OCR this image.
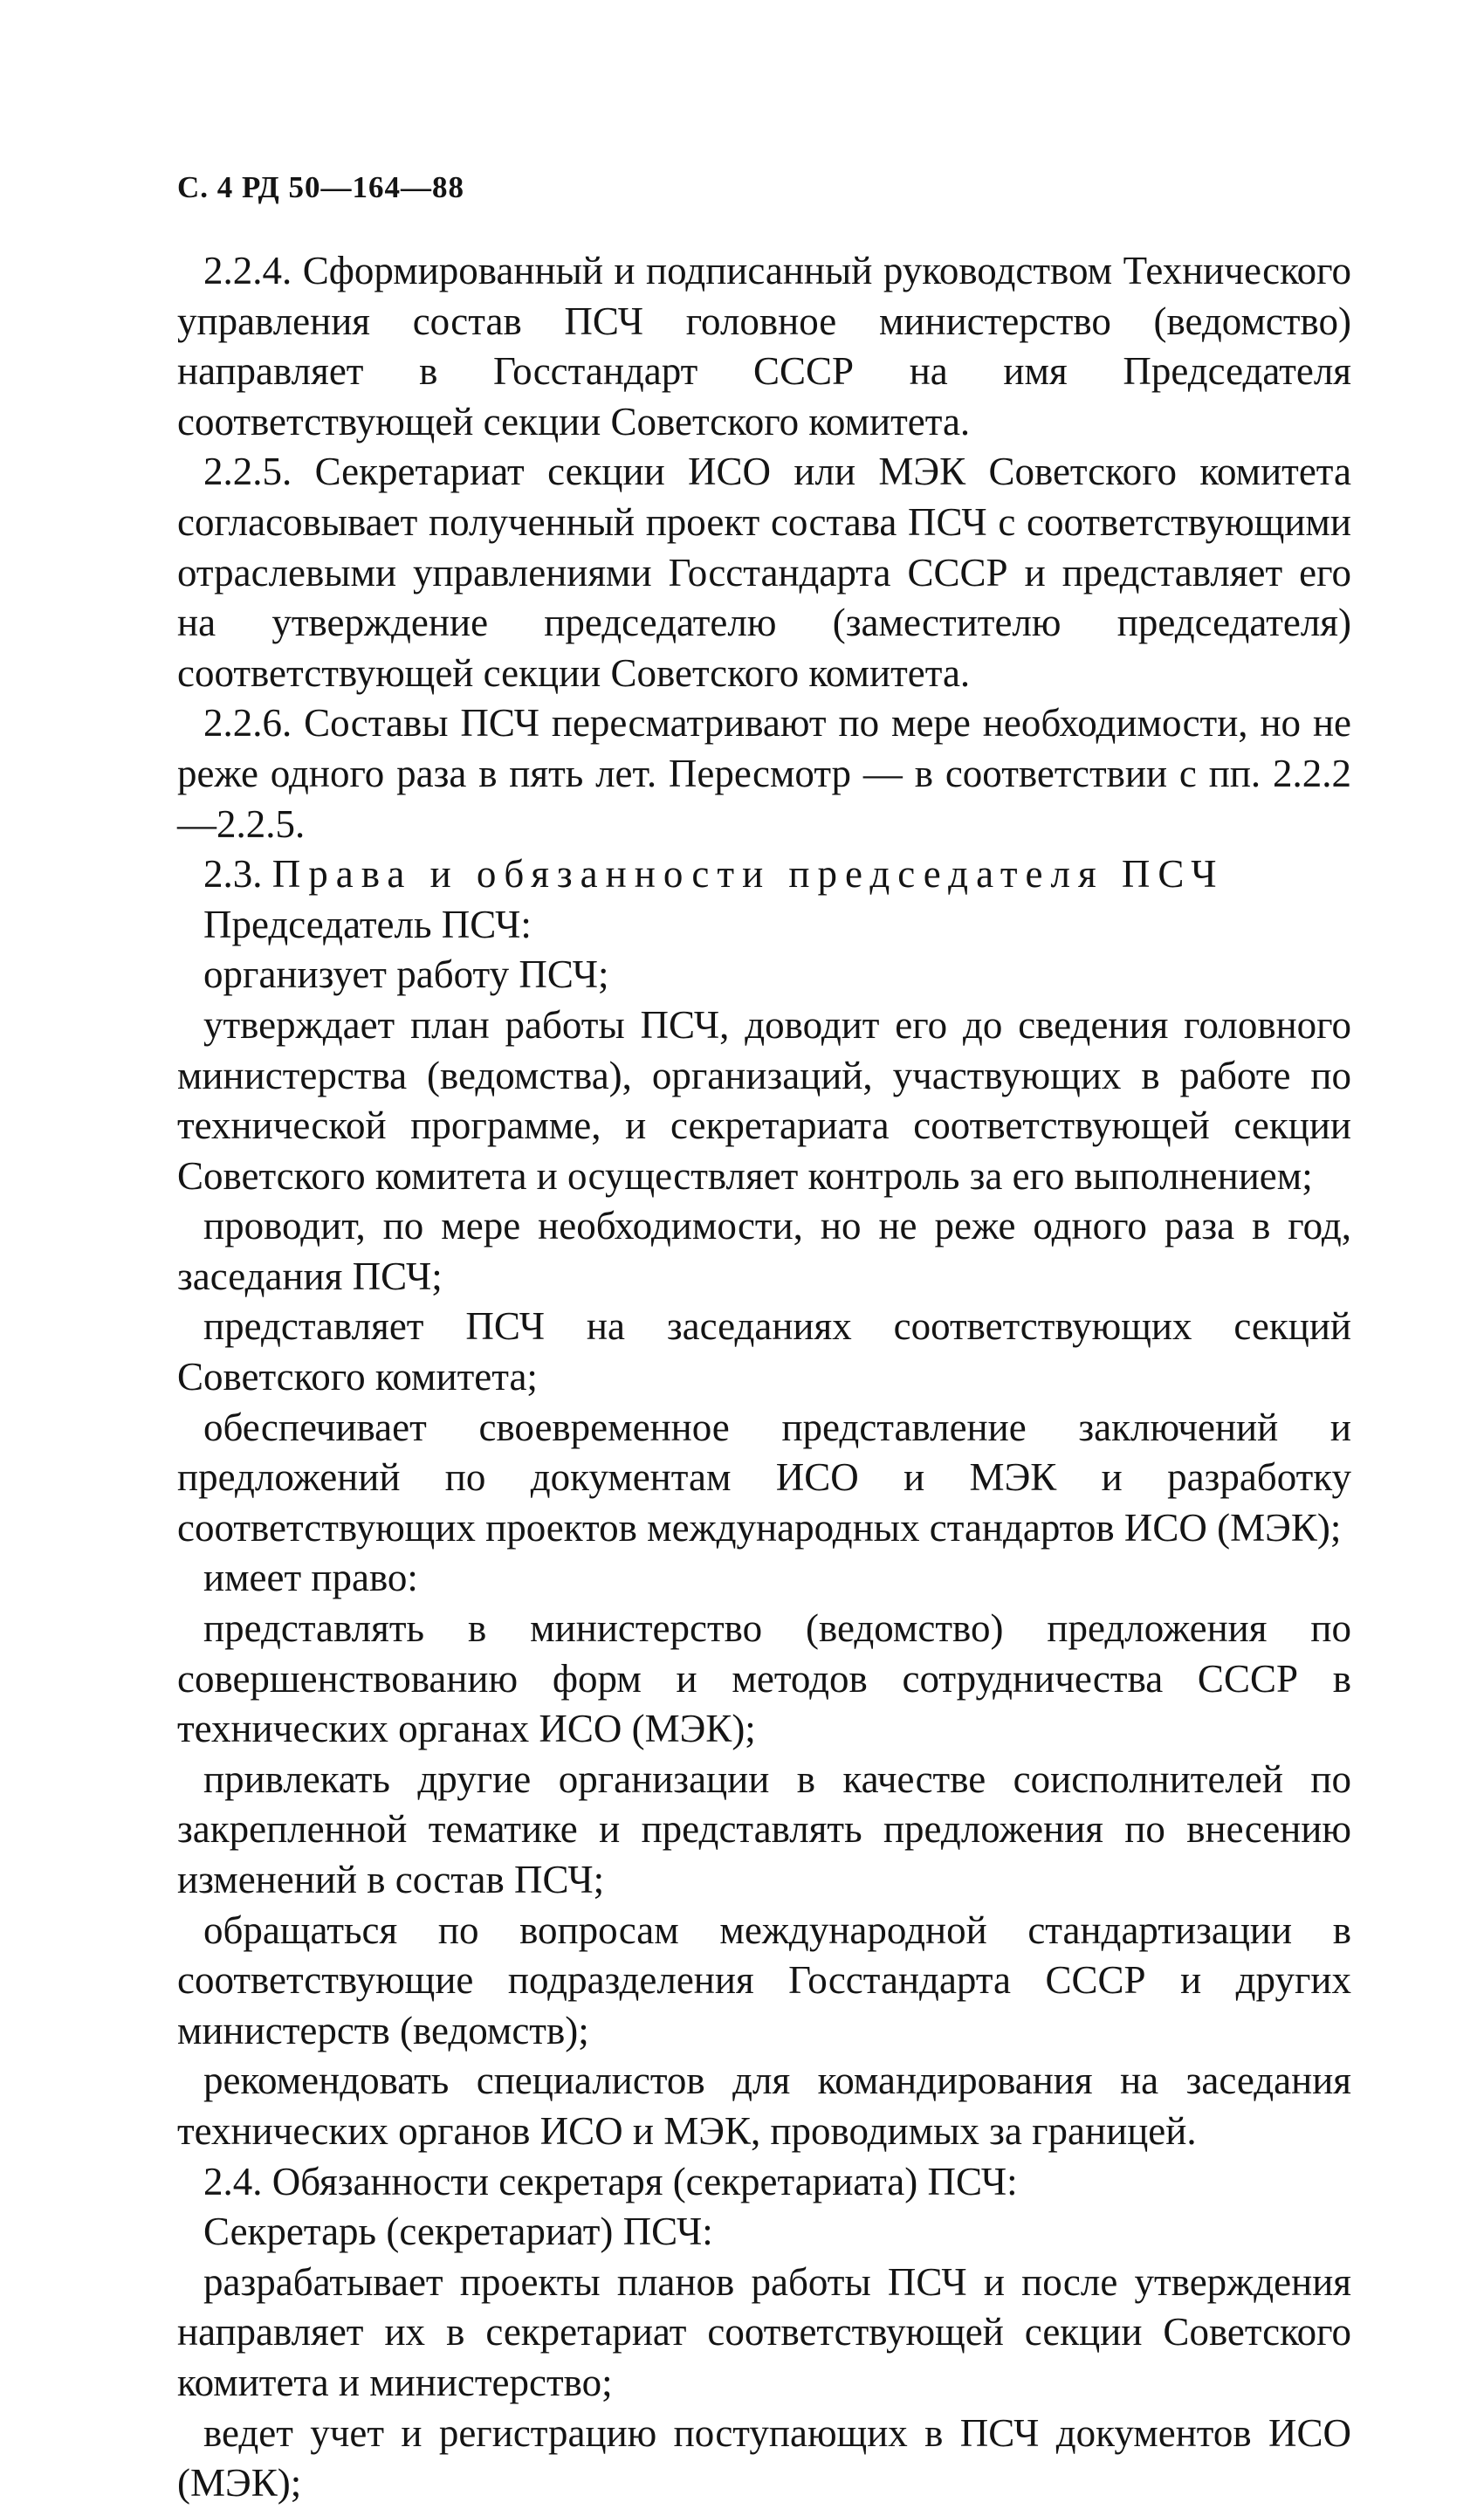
С. 4 РД 50—164—88

2.2.4. Сформированный и подписанный руководством Технического управления состав ПСЧ головное министерство (ведомство) направляет в Госстандарт СССР на имя Председателя соответствующей секции Советского комитета.

2.2.5. Секретариат секции ИСО или МЭК Советского комитета согласовывает полученный проект состава ПСЧ с соответствующими отраслевыми управлениями Госстандарта СССР и представляет его на утверждение председателю (заместителю председателя) соответствующей секции Советского комитета.

2.2.6. Составы ПСЧ пересматривают по мере необходимости, но не реже одного раза в пять лет. Пересмотр — в соответствии с пп. 2.2.2—2.2.5.

2.3. Права и обязанности председателя ПСЧ

Председатель ПСЧ:

организует работу ПСЧ;

утверждает план работы ПСЧ, доводит его до сведения головного министерства (ведомства), организаций, участвующих в работе по технической программе, и секретариата соответствующей секции Советского комитета и осуществляет контроль за его выполнением;

проводит, по мере необходимости, но не реже одного раза в год, заседания ПСЧ;

представляет ПСЧ на заседаниях соответствующих секций Советского комитета;

обеспечивает своевременное представление заключений и предложений по документам ИСО и МЭК и разработку соответствующих проектов международных стандартов ИСО (МЭК);

имеет право:

представлять в министерство (ведомство) предложения по совершенствованию форм и методов сотрудничества СССР в технических органах ИСО (МЭК);

привлекать другие организации в качестве соисполнителей по закрепленной тематике и представлять предложения по внесению изменений в состав ПСЧ;

обращаться по вопросам международной стандартизации в соответствующие подразделения Госстандарта СССР и других министерств (ведомств);

рекомендовать специалистов для командирования на заседания технических органов ИСО и МЭК, проводимых за границей.

2.4. Обязанности секретаря (секретариата) ПСЧ:

Секретарь (секретариат) ПСЧ:

разрабатывает проекты планов работы ПСЧ и после утверждения направляет их в секретариат соответствующей секции Советского комитета и министерство;

ведет учет и регистрацию поступающих в ПСЧ документов ИСО (МЭК);
